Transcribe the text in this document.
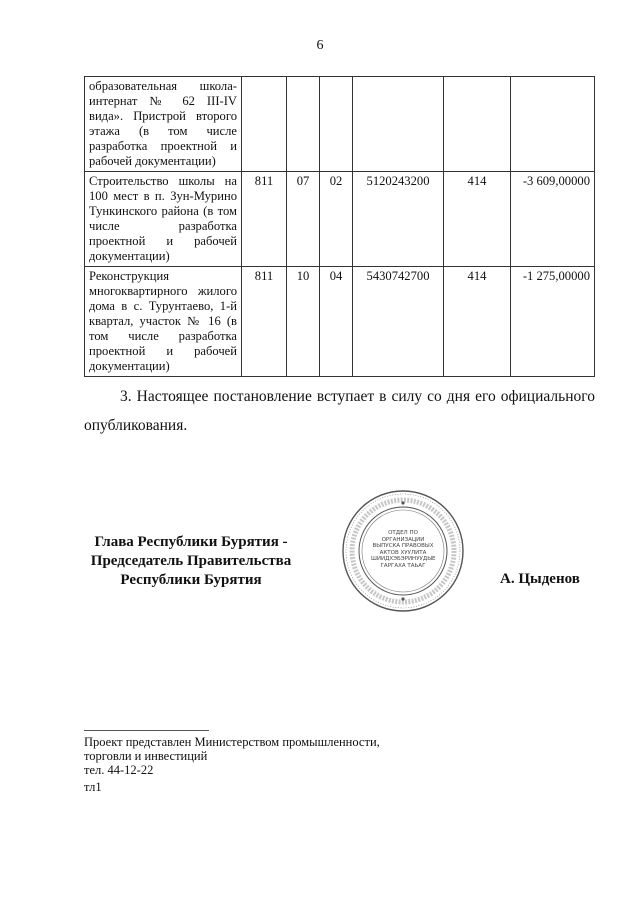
6
образовательная школа-интернат № 62 III-IV вида». Пристрой второго этажа (в том числе разработка проектной и рабочей документации)						
Строительство школы на 100 мест в п. Зун-Мурино Тункинского района (в том числе разработка проектной и рабочей документации)	811	07	02	5120243200	414	-3 609,00000
Реконструкция многоквартирного жилого дома в с. Турунтаево, 1-й квартал, участок № 16 (в том числе разработка проектной и рабочей документации)	811	10	04	5430742700	414	-1 275,00000
3. Настоящее постановление вступает в силу со дня его официального опубликования.
Глава Республики Бурятия -
Председатель Правительства
Республики Бурятия
ОТДЕЛ ПО ОРГАНИЗАЦИИ ВЫПУСКА ПРАВОВЫХ АКТОВ ХУУЛИТА ШИИДХЭБЭРИНУУДЫЕ ГАРГАХА ТАЬАГ
А. Цыденов
Проект представлен Министерством промышленности,
торговли и инвестиций
тел. 44-12-22
тл1
